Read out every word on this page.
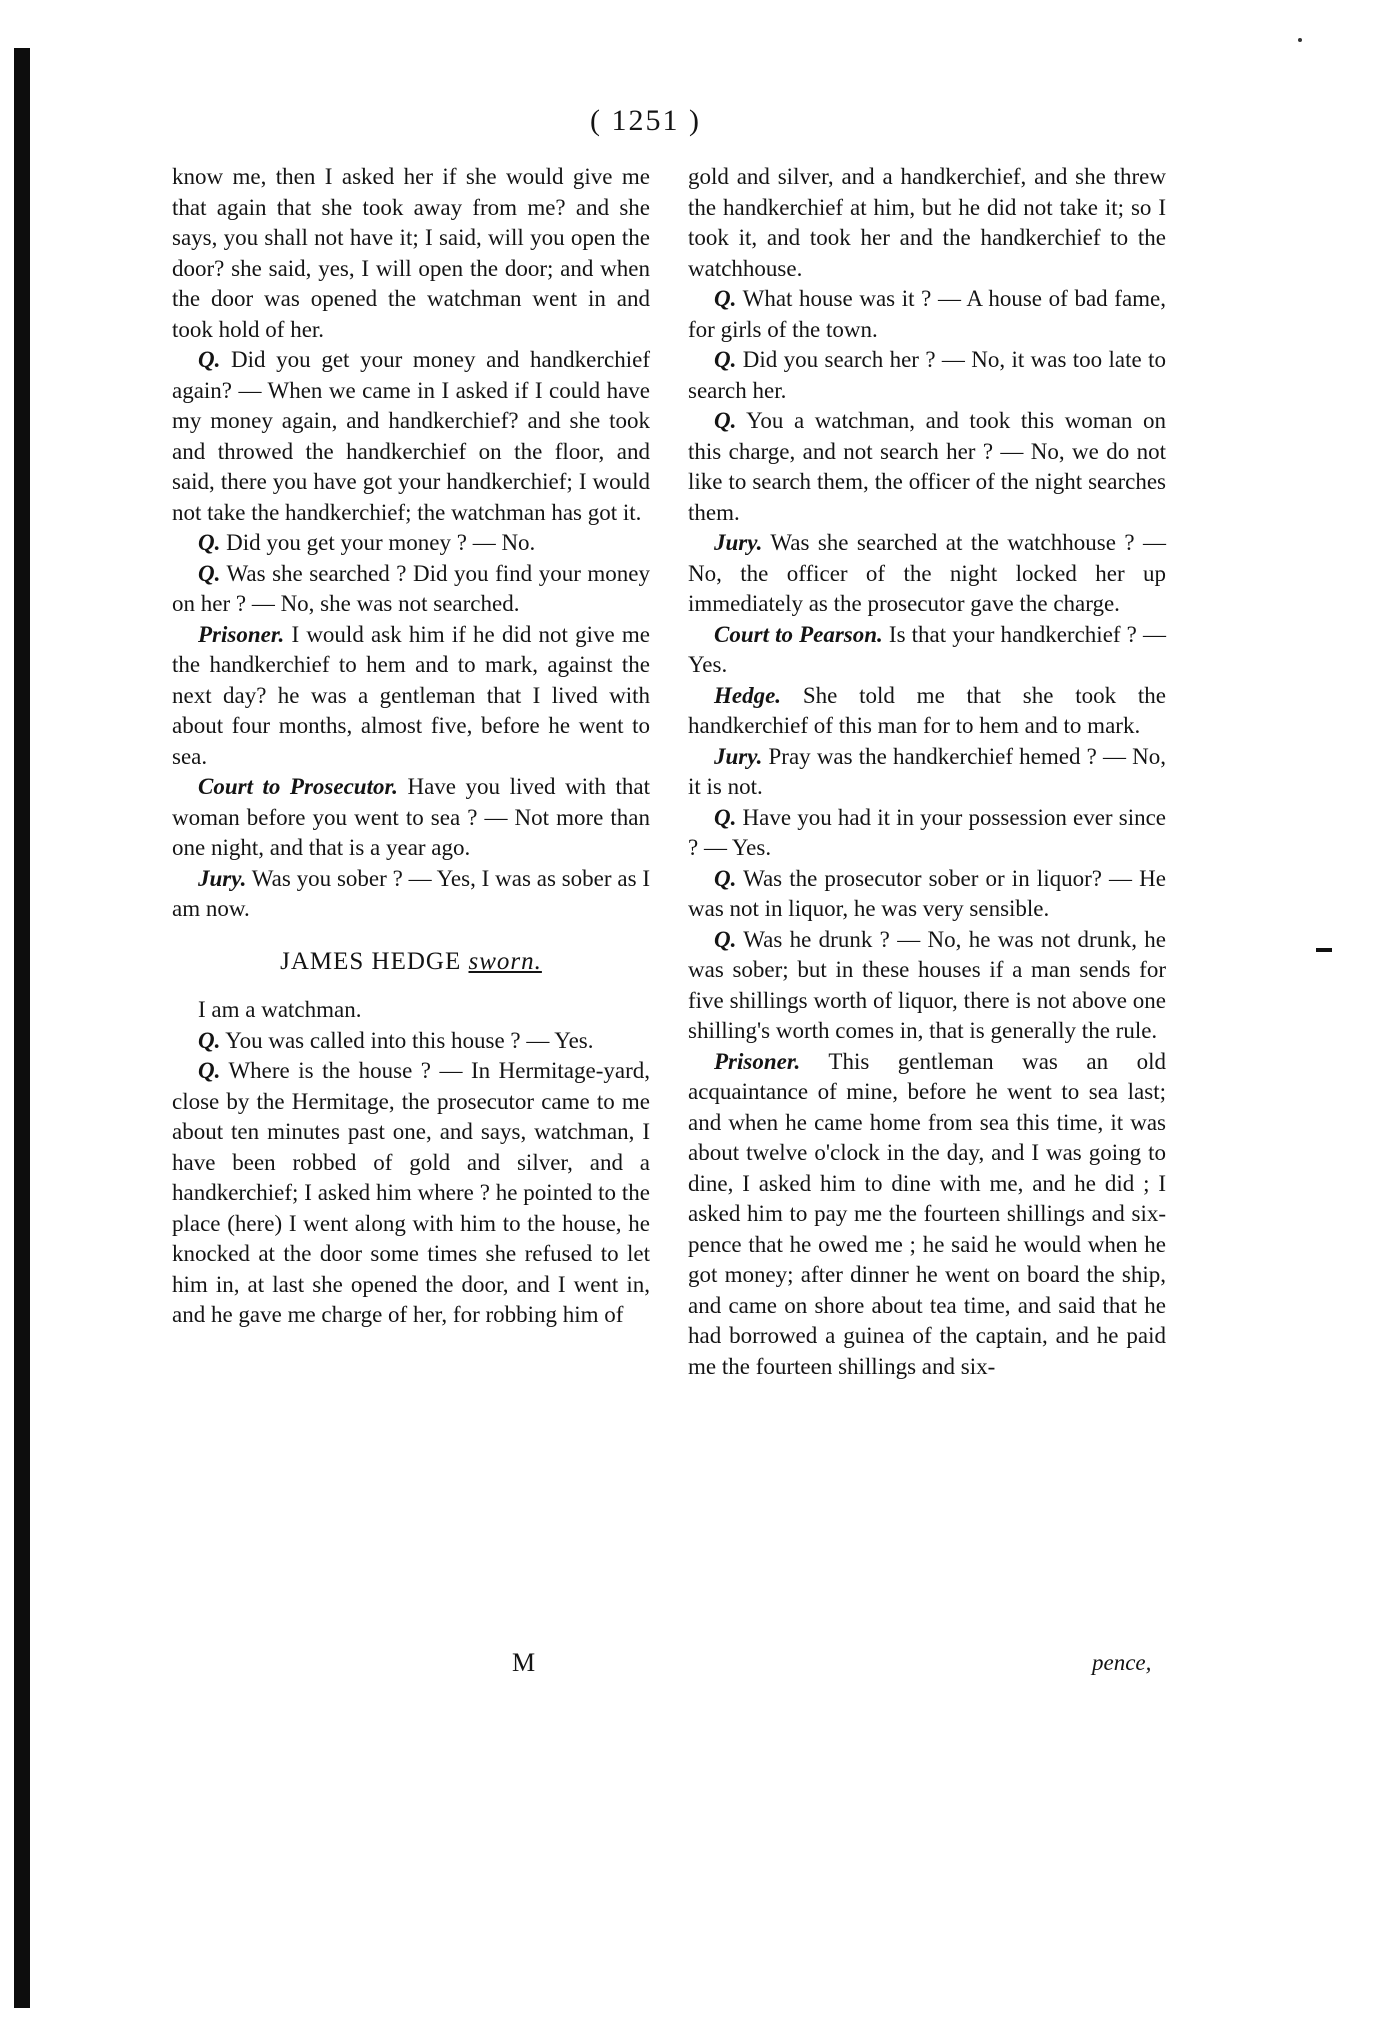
( 1251 )

know me, then I asked her if she would give me that again that she took away from me? and she says, you shall not have it; I said, will you open the door? she said, yes, I will open the door; and when the door was opened the watchman went in and took hold of her.

Q. Did you get your money and handkerchief again? — When we came in I asked if I could have my money again, and handkerchief? and she took and throwed the handkerchief on the floor, and said, there you have got your handkerchief; I would not take the handkerchief; the watchman has got it.

Q. Did you get your money ? — No.

Q. Was she searched ? Did you find your money on her ? — No, she was not searched.

Prisoner. I would ask him if he did not give me the handkerchief to hem and to mark, against the next day? he was a gentleman that I lived with about four months, almost five, before he went to sea.

Court to Prosecutor. Have you lived with that woman before you went to sea ? — Not more than one night, and that is a year ago.

Jury. Was you sober ? — Yes, I was as sober as I am now.

JAMES HEDGE sworn.

I am a watchman.

Q. You was called into this house ? — Yes.

Q. Where is the house ? — In Hermitage-yard, close by the Hermitage, the prosecutor came to me about ten minutes past one, and says, watchman, I have been robbed of gold and silver, and a handkerchief; I asked him where ? he pointed to the place (here) I went along with him to the house, he knocked at the door some times she refused to let him in, at last she opened the door, and I went in, and he gave me charge of her, for robbing him of

gold and silver, and a handkerchief, and she threw the handkerchief at him, but he did not take it; so I took it, and took her and the handkerchief to the watchhouse.

Q. What house was it ? — A house of bad fame, for girls of the town.

Q. Did you search her ? — No, it was too late to search her.

Q. You a watchman, and took this woman on this charge, and not search her ? — No, we do not like to search them, the officer of the night searches them.

Jury. Was she searched at the watchhouse ? — No, the officer of the night locked her up immediately as the prosecutor gave the charge.

Court to Pearson. Is that your handkerchief ? — Yes.

Hedge. She told me that she took the handkerchief of this man for to hem and to mark.

Jury. Pray was the handkerchief hemed ? — No, it is not.

Q. Have you had it in your possession ever since ? — Yes.

Q. Was the prosecutor sober or in liquor? — He was not in liquor, he was very sensible.

Q. Was he drunk ? — No, he was not drunk, he was sober; but in these houses if a man sends for five shillings worth of liquor, there is not above one shilling's worth comes in, that is generally the rule.

Prisoner. This gentleman was an old acquaintance of mine, before he went to sea last; and when he came home from sea this time, it was about twelve o'clock in the day, and I was going to dine, I asked him to dine with me, and he did ; I asked him to pay me the fourteen shillings and six-pence that he owed me ; he said he would when he got money; after dinner he went on board the ship, and came on shore about tea time, and said that he had borrowed a guinea of the captain, and he paid me the fourteen shillings and six-

M	pence,
